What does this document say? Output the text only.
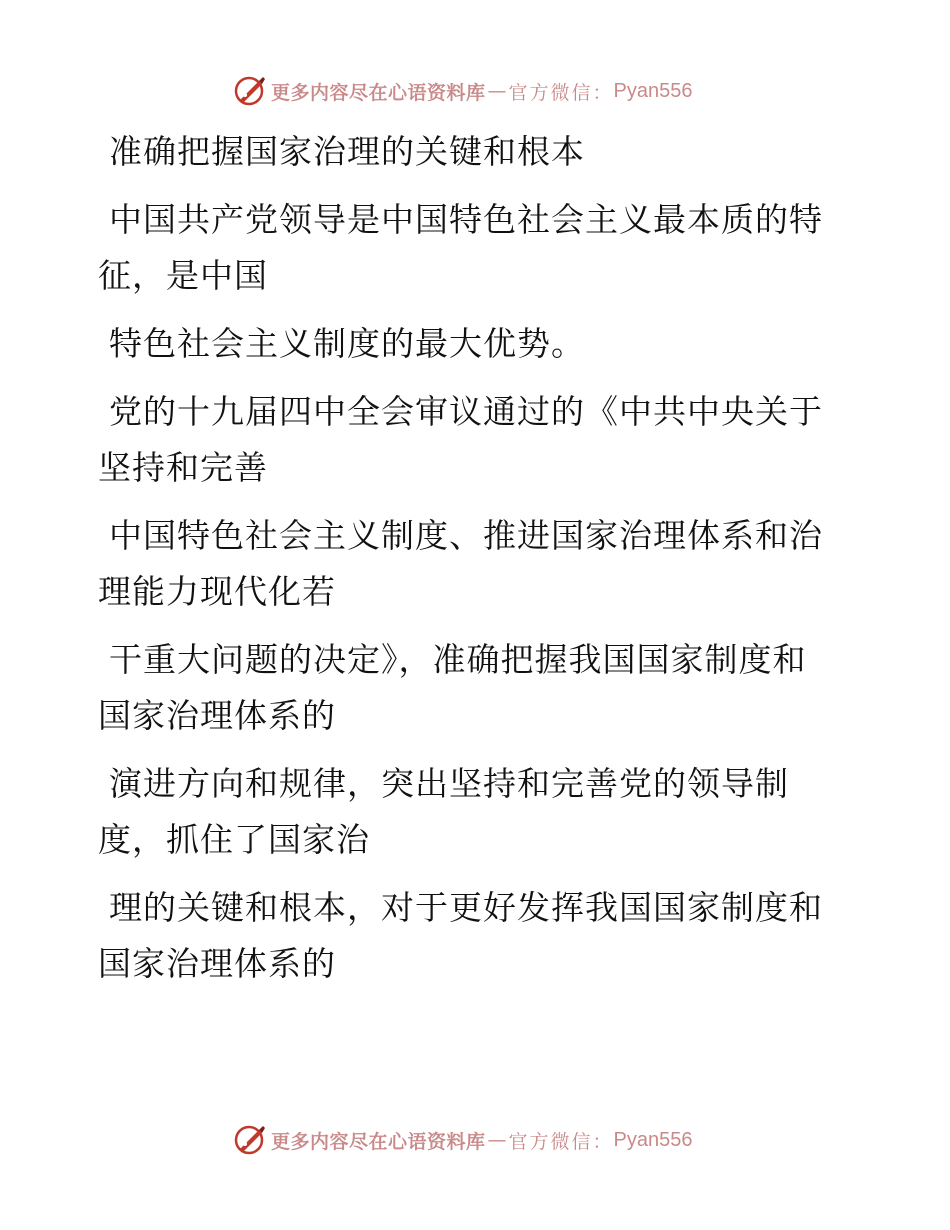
更多内容尽在心语资料库 — 官方微信： Pyan556
准确把握国家治理的关键和根本
中国共产党领导是中国特色社会主义最本质的特
征，是中国
特色社会主义制度的最大优势。
党的十九届四中全会审议通过的《中共中央关于
坚持和完善
中国特色社会主义制度、推进国家治理体系和治
理能力现代化若
干重大问题的决定》，准确把握我国国家制度和
国家治理体系的
演进方向和规律，突出坚持和完善党的领导制
度，抓住了国家治
理的关键和根本，对于更好发挥我国国家制度和
国家治理体系的
更多内容尽在心语资料库 — 官方微信： Pyan556
